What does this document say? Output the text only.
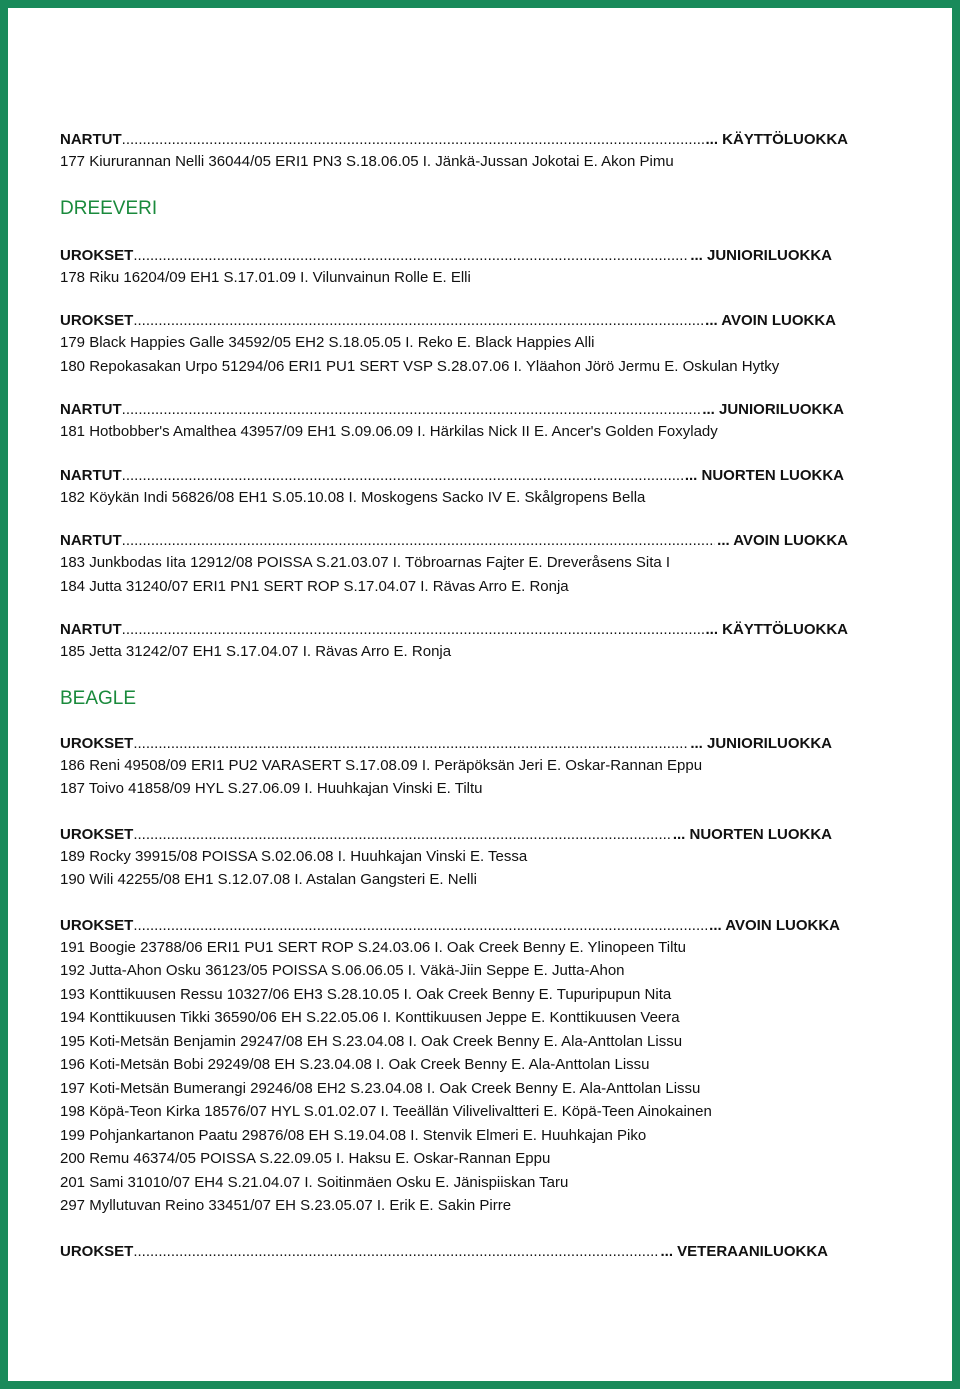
NARTUT .....	... KÄYTTÖLUOKKA
177 Kiururannan Nelli 36044/05 ERI1 PN3 S.18.06.05 I. Jänkä-Jussan Jokotai E. Akon Pimu
DREEVERI
UROKSET .....	... JUNIORILUOKKA
178 Riku 16204/09 EH1 S.17.01.09 I. Vilunvainun Rolle E. Elli
UROKSET .....	... AVOIN LUOKKA
179 Black Happies Galle 34592/05 EH2 S.18.05.05 I. Reko E. Black Happies Alli
180 Repokasakan Urpo 51294/06 ERI1 PU1 SERT VSP S.28.07.06 I. Yläahon Jörö Jermu E. Oskulan Hytky
NARTUT .....	... JUNIORILUOKKA
181 Hotbobber's Amalthea 43957/09 EH1 S.09.06.09 I. Härkilas Nick II E. Ancer's Golden Foxylady
NARTUT .....	... NUORTEN LUOKKA
182 Köykän Indi 56826/08 EH1 S.05.10.08 I. Moskogens Sacko IV E. Skålgropens Bella
NARTUT .....	... AVOIN LUOKKA
183 Junkbodas Iita 12912/08 POISSA S.21.03.07 I. Töbroarnas Fajter E. Dreveråsens Sita I
184 Jutta 31240/07 ERI1 PN1 SERT ROP S.17.04.07 I. Rävas Arro E. Ronja
NARTUT .....	... KÄYTTÖLUOKKA
185 Jetta 31242/07 EH1 S.17.04.07 I. Rävas Arro E. Ronja
BEAGLE
UROKSET .....	... JUNIORILUOKKA
186 Reni 49508/09 ERI1 PU2 VARASERT S.17.08.09 I. Peräpöksän Jeri E. Oskar-Rannan Eppu
187 Toivo 41858/09 HYL S.27.06.09 I. Huuhkajan Vinski E. Tiltu
UROKSET .....	... NUORTEN LUOKKA
189 Rocky 39915/08 POISSA S.02.06.08 I. Huuhkajan Vinski E. Tessa
190 Wili 42255/08 EH1 S.12.07.08 I. Astalan Gangsteri E. Nelli
UROKSET .....	... AVOIN LUOKKA
191 Boogie 23788/06 ERI1 PU1 SERT ROP S.24.03.06 I. Oak Creek Benny E. Ylinopeen Tiltu
192 Jutta-Ahon Osku 36123/05 POISSA S.06.06.05 I. Väkä-Jiin Seppe E. Jutta-Ahon
193 Konttikuusen Ressu 10327/06 EH3 S.28.10.05 I. Oak Creek Benny E. Tupuripupun Nita
194 Konttikuusen Tikki 36590/06 EH S.22.05.06 I. Konttikuusen Jeppe E. Konttikuusen Veera
195 Koti-Metsän Benjamin 29247/08 EH S.23.04.08 I. Oak Creek Benny E. Ala-Anttolan Lissu
196 Koti-Metsän Bobi 29249/08 EH S.23.04.08 I. Oak Creek Benny E. Ala-Anttolan Lissu
197 Koti-Metsän Bumerangi 29246/08 EH2 S.23.04.08 I. Oak Creek Benny E. Ala-Anttolan Lissu
198 Köpä-Teon Kirka 18576/07 HYL S.01.02.07 I. Teeällän Vilivelivaltteri E. Köpä-Teen Ainokainen
199 Pohjankartanon Paatu 29876/08 EH S.19.04.08 I. Stenvik Elmeri E. Huuhkajan Piko
200 Remu 46374/05 POISSA S.22.09.05 I. Haksu E. Oskar-Rannan Eppu
201 Sami 31010/07 EH4 S.21.04.07 I. Soitinmäen Osku E. Jänispiiskan Taru
297 Myllutuvan Reino 33451/07 EH S.23.05.07 I. Erik E. Sakin Pirre
UROKSET .....	... VETERAANILUOKKA
